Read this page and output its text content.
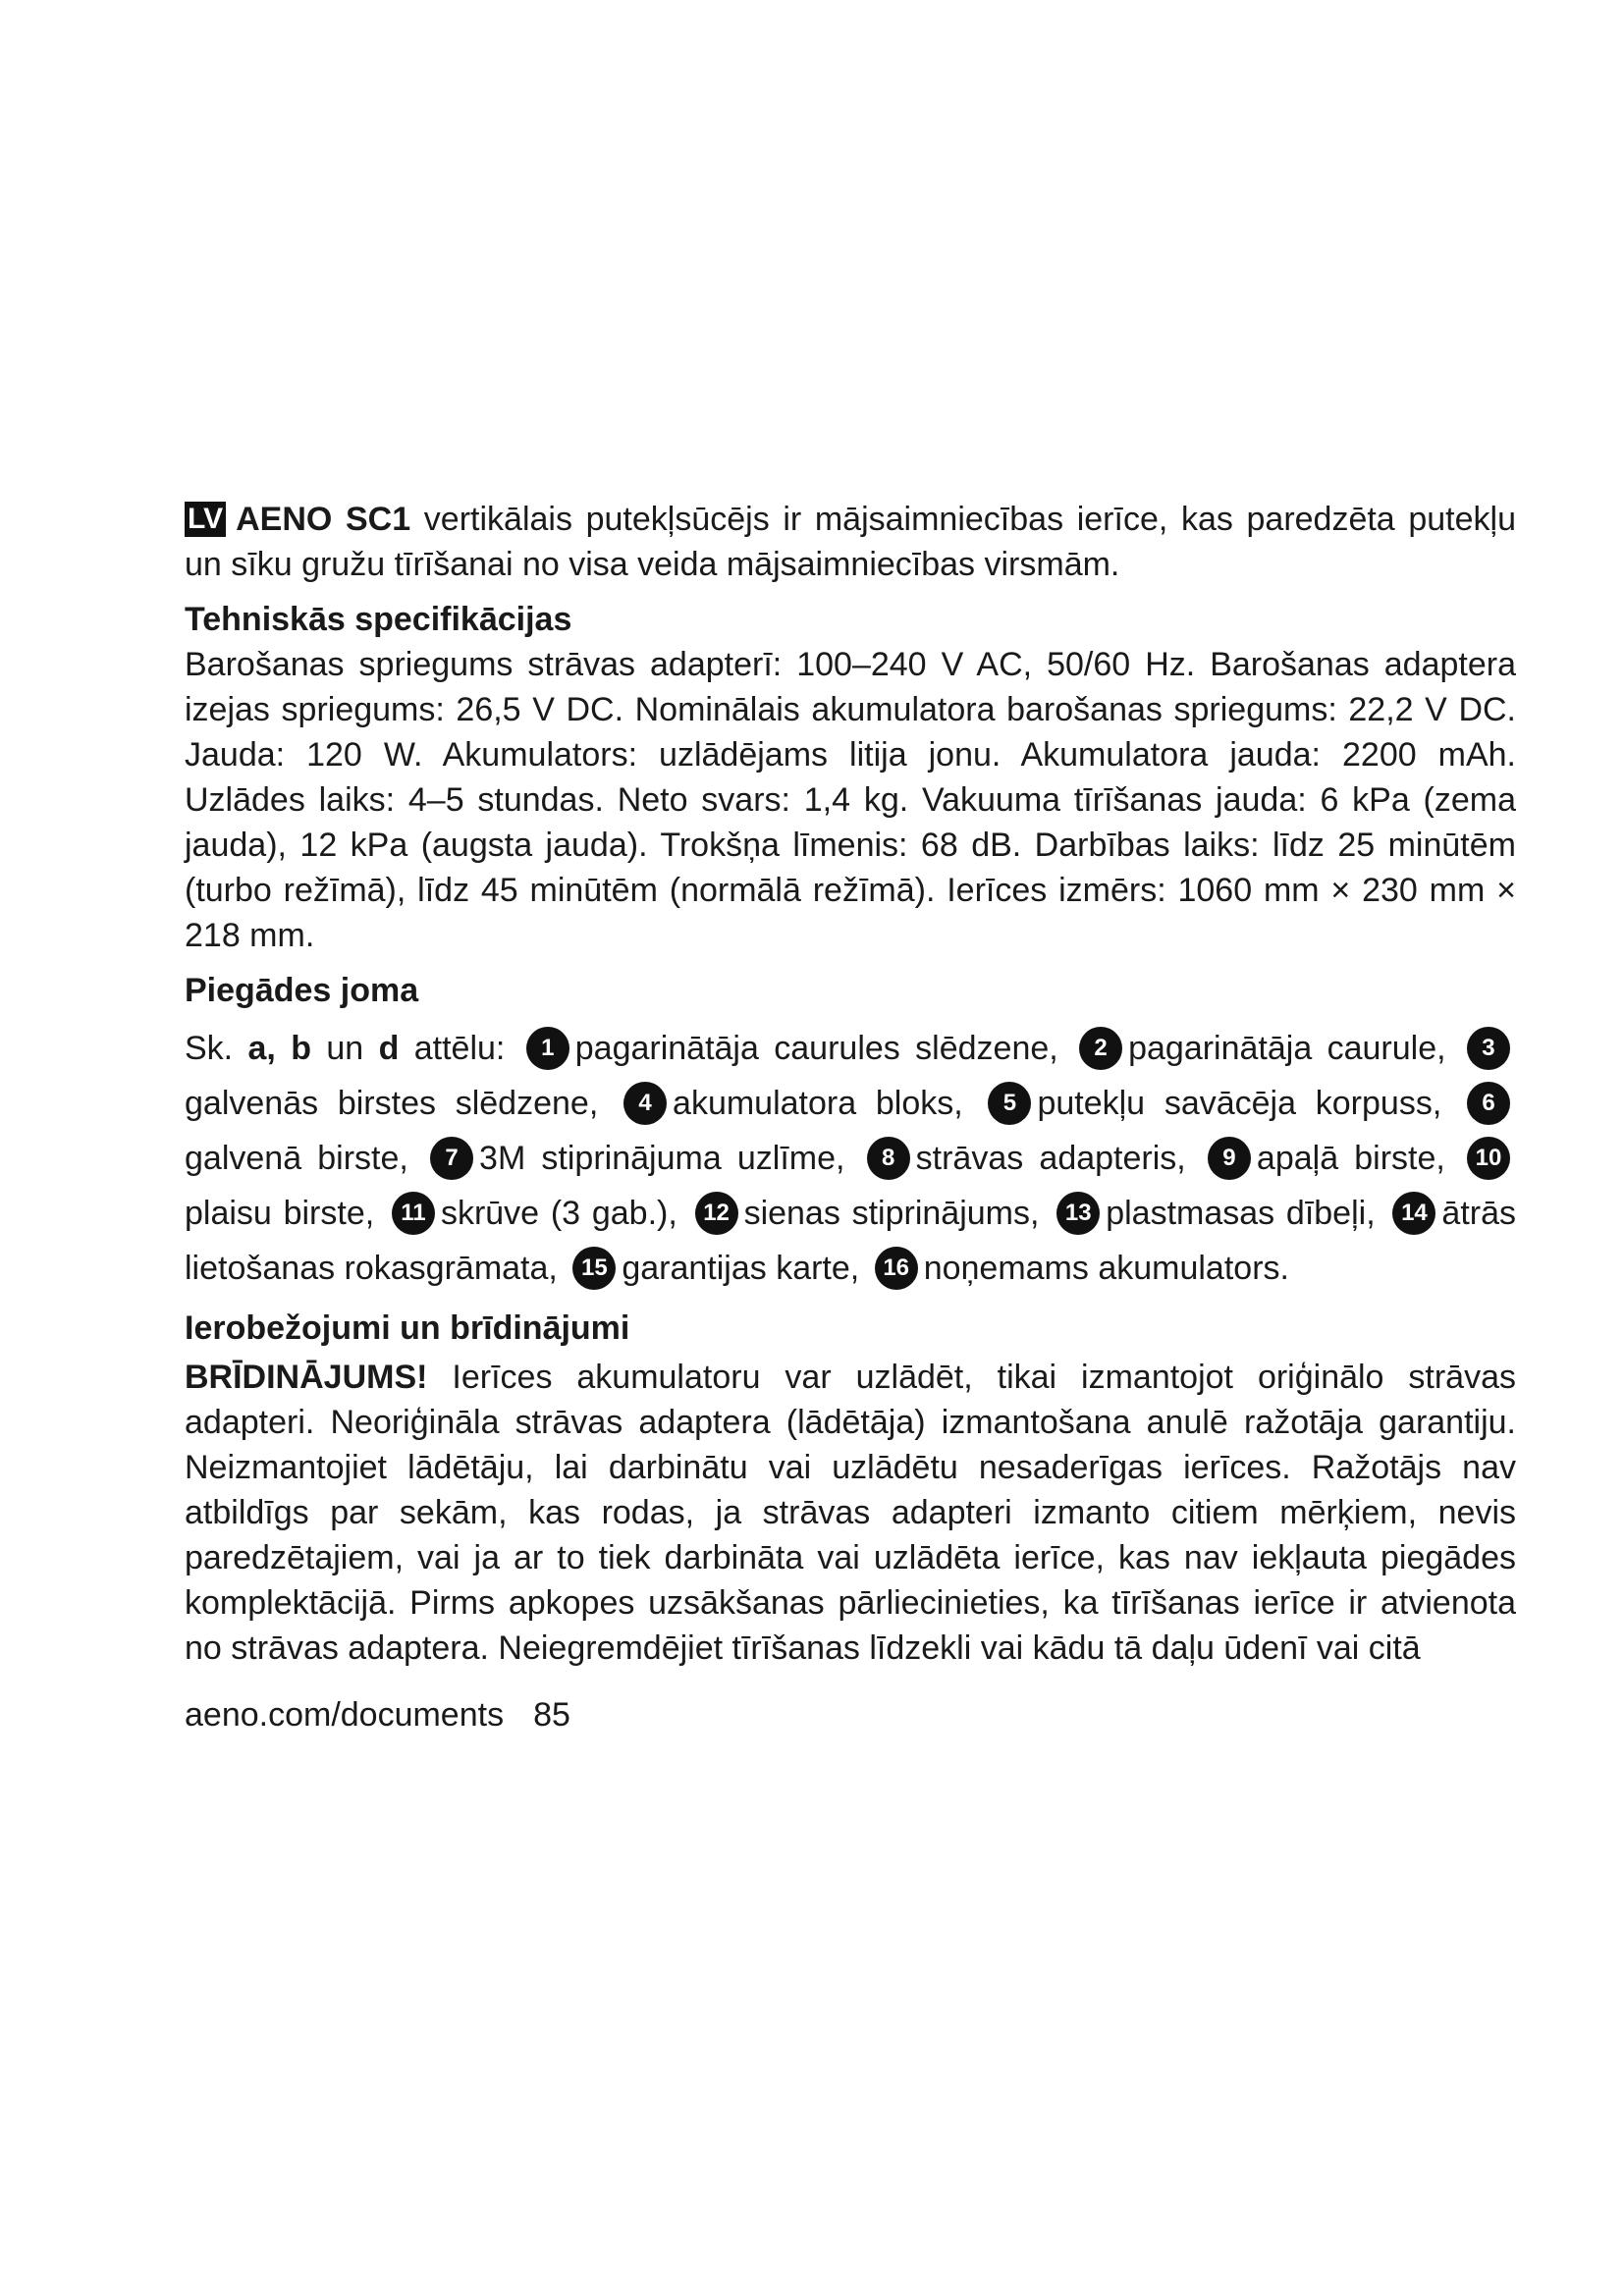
LV AENO SC1 vertikālais putekļsūcējs ir mājsaimniecības ierīce, kas paredzēta putekļu un sīku gružu tīrīšanai no visa veida mājsaimniecības virsmām.

Tehniskās specifikācijas

Barošanas spriegums strāvas adapterī: 100–240 V AC, 50/60 Hz. Barošanas adaptera izejas spriegums: 26,5 V DC. Nominālais akumulatora barošanas spriegums: 22,2 V DC. Jauda: 120 W. Akumulators: uzlādējams litija jonu. Akumulatora jauda: 2200 mAh. Uzlādes laiks: 4–5 stundas. Neto svars: 1,4 kg. Vakuuma tīrīšanas jauda: 6 kPa (zema jauda), 12 kPa (augsta jauda). Trokšņa līmenis: 68 dB. Darbības laiks: līdz 25 minūtēm (turbo režīmā), līdz 45 minūtēm (normālā režīmā). Ierīces izmērs: 1060 mm × 230 mm × 218 mm.

Piegādes joma

Sk. a, b un d attēlu: 1 pagarinātāja caurules slēdzene, 2 pagarinātāja caurule, 3galvenās birstes slēdzene, 4 akumulatora bloks, 5 putekļu savācēja korpuss, 6galvenā birste, 7 3M stiprinājuma uzlīme, 8 strāvas adapteris, 9 apaļā birste, 10plaisu birste, 11 skrūve (3 gab.), 12 sienas stiprinājums, 13 plastmasas dībeļi, 14 ātrās lietošanas rokasgrāmata, 15 garantijas karte, 16 noņemams akumulators.

Ierobežojumi un brīdinājumi

BRĪDINĀJUMS! Ierīces akumulatoru var uzlādēt, tikai izmantojot oriģinālo strāvas adapteri. Neoriģināla strāvas adaptera (lādētāja) izmantošana anulē ražotāja garantiju. Neizmantojiet lādētāju, lai darbinātu vai uzlādētu nesaderīgas ierīces. Ražotājs nav atbildīgs par sekām, kas rodas, ja strāvas adapteri izmanto citiem mērķiem, nevis paredzētajiem, vai ja ar to tiek darbināta vai uzlādēta ierīce, kas nav iekļauta piegādes komplektācijā. Pirms apkopes uzsākšanas pārliecinieties, ka tīrīšanas ierīce ir atvienota no strāvas adaptera. Neiegremdējiet tīrīšanas līdzekli vai kādu tā daļu ūdenī vai citā

aeno.com/documents 85
